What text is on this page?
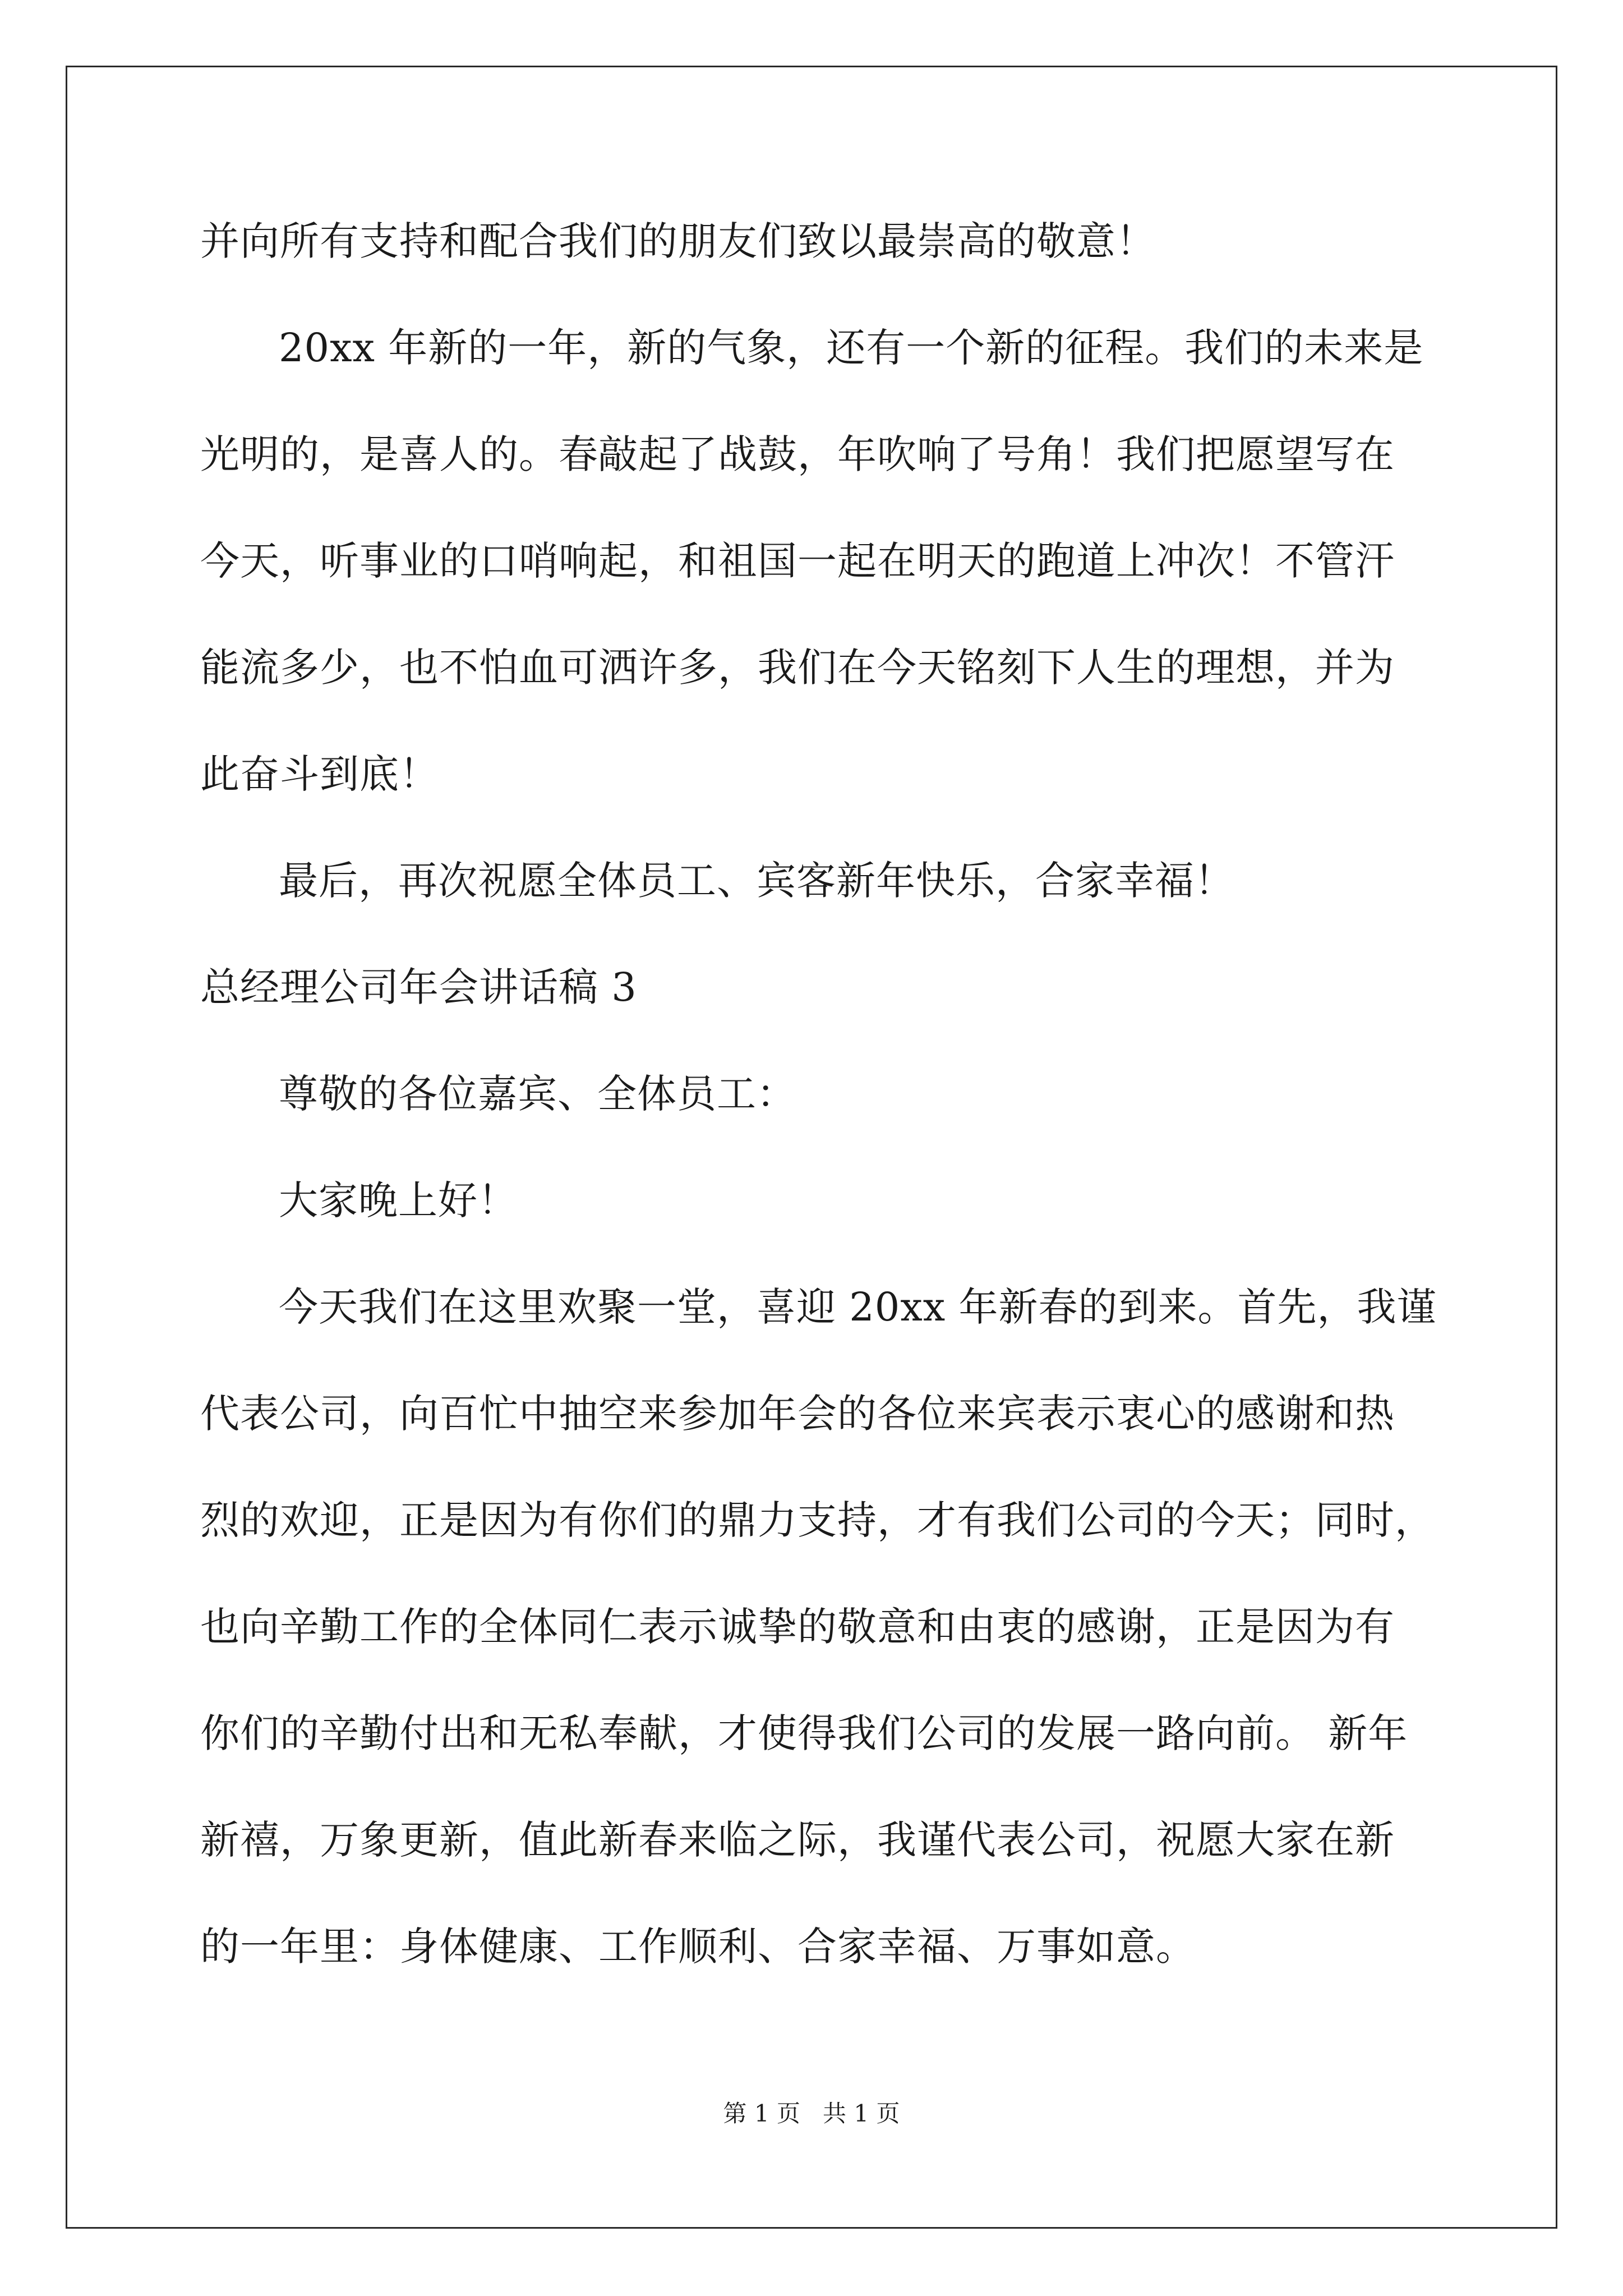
并向所有支持和配合我们的朋友们致以最崇高的敬意！
20xx 年新的一年，新的气象，还有一个新的征程。我们的未来是
光明的，是喜人的。春敲起了战鼓，年吹响了号角！我们把愿望写在
今天，听事业的口哨响起，和祖国一起在明天的跑道上冲次！不管汗
能流多少，也不怕血可洒许多，我们在今天铭刻下人生的理想，并为
此奋斗到底！
最后，再次祝愿全体员工、宾客新年快乐，合家幸福！
总经理公司年会讲话稿 3
尊敬的各位嘉宾、全体员工：
大家晚上好！
今天我们在这里欢聚一堂，喜迎 20xx 年新春的到来。首先，我谨
代表公司，向百忙中抽空来参加年会的各位来宾表示衷心的感谢和热
烈的欢迎，正是因为有你们的鼎力支持，才有我们公司的今天；同时，
也向辛勤工作的全体同仁表示诚挚的敬意和由衷的感谢，正是因为有
你们的辛勤付出和无私奉献，才使得我们公司的发展一路向前。 新年
新禧，万象更新，值此新春来临之际，我谨代表公司，祝愿大家在新
的一年里：身体健康、工作顺利、合家幸福、万事如意。
第 1 页   共 1 页
